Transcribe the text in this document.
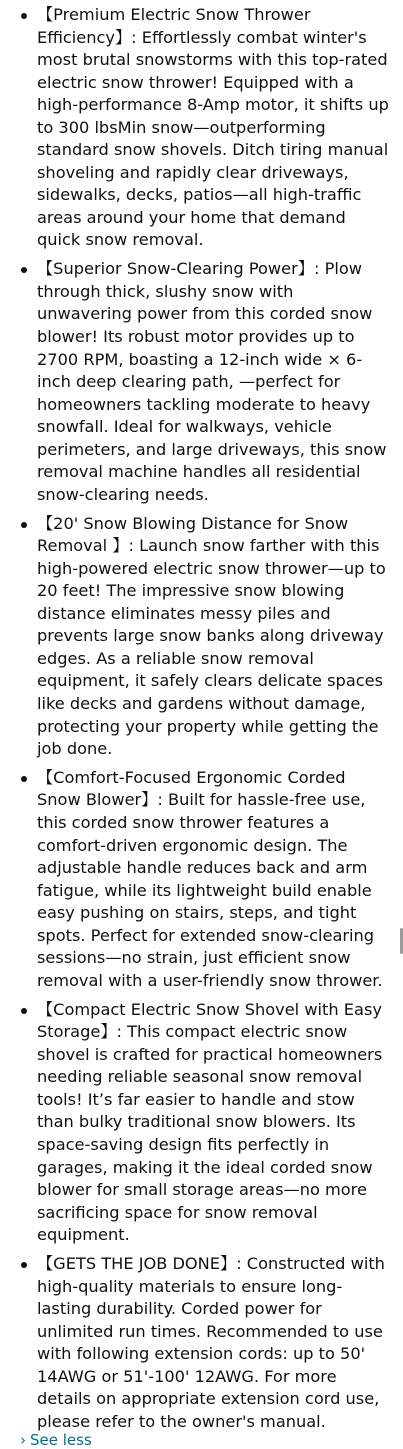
【Premium Electric Snow Thrower Efficiency】: Effortlessly combat winter's most brutal snowstorms with this top-rated electric snow thrower! Equipped with a high-performance 8-Amp motor, it shifts up to 300 lbsMin snow—outperforming standard snow shovels. Ditch tiring manual shoveling and rapidly clear driveways, sidewalks, decks, patios—all high-traffic areas around your home that demand quick snow removal.
【Superior Snow-Clearing Power】: Plow through thick, slushy snow with unwavering power from this corded snow blower! Its robust motor provides up to 2700 RPM, boasting a 12-inch wide × 6-inch deep clearing path, —perfect for homeowners tackling moderate to heavy snowfall. Ideal for walkways, vehicle perimeters, and large driveways, this snow removal machine handles all residential snow-clearing needs.
【20' Snow Blowing Distance for Snow Removal 】: Launch snow farther with this high-powered electric snow thrower—up to 20 feet! The impressive snow blowing distance eliminates messy piles and prevents large snow banks along driveway edges. As a reliable snow removal equipment, it safely clears delicate spaces like decks and gardens without damage, protecting your property while getting the job done.
【Comfort-Focused Ergonomic Corded Snow Blower】: Built for hassle-free use, this corded snow thrower features a comfort-driven ergonomic design. The adjustable handle reduces back and arm fatigue, while its lightweight build enable easy pushing on stairs, steps, and tight spots. Perfect for extended snow-clearing sessions—no strain, just efficient snow removal with a user-friendly snow thrower.
【Compact Electric Snow Shovel with Easy Storage】: This compact electric snow shovel is crafted for practical homeowners needing reliable seasonal snow removal tools! It’s far easier to handle and stow than bulky traditional snow blowers. Its space-saving design fits perfectly in garages, making it the ideal corded snow blower for small storage areas—no more sacrificing space for snow removal equipment.
【GETS THE JOB DONE】: Constructed with high-quality materials to ensure long-lasting durability. Corded power for unlimited run times. Recommended to use with following extension cords: up to 50' 14AWG or 51'-100' 12AWG. For more details on appropriate extension cord use, please refer to the owner's manual.
› See less
